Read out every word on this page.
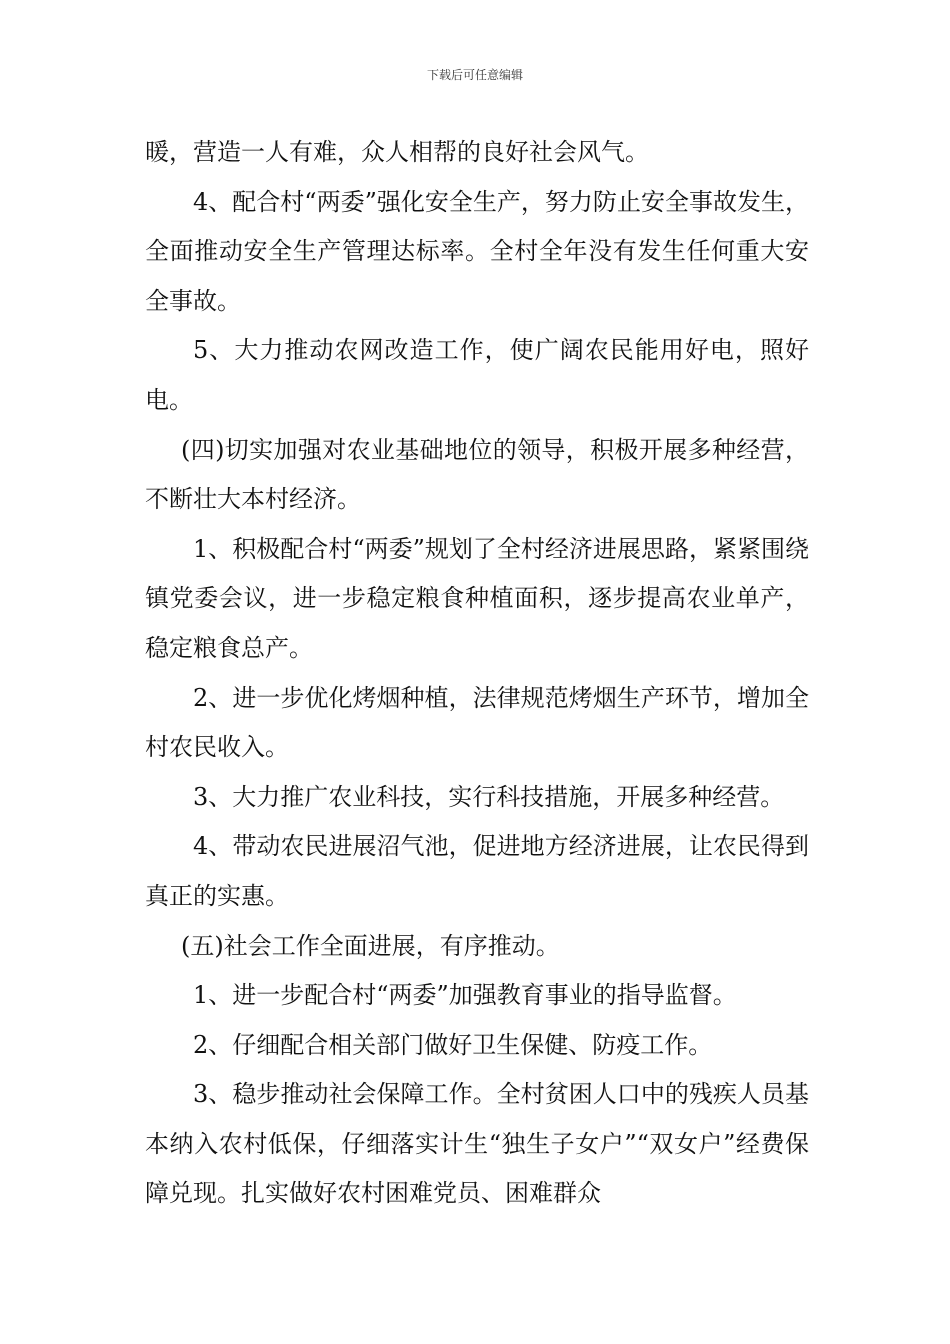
下载后可任意编辑

暖，营造一人有难，众人相帮的良好社会风气。

4、配合村“两委”强化安全生产，努力防止安全事故发生，全面推动安全生产管理达标率。全村全年没有发生任何重大安全事故。

5、大力推动农网改造工作，使广阔农民能用好电，照好电。

(四)切实加强对农业基础地位的领导，积极开展多种经营，不断壮大本村经济。

1、积极配合村“两委”规划了全村经济进展思路，紧紧围绕镇党委会议，进一步稳定粮食种植面积，逐步提高农业单产，稳定粮食总产。

2、进一步优化烤烟种植，法律规范烤烟生产环节，增加全村农民收入。

3、大力推广农业科技，实行科技措施，开展多种经营。

4、带动农民进展沼气池，促进地方经济进展，让农民得到真正的实惠。

(五)社会工作全面进展，有序推动。

1、进一步配合村“两委”加强教育事业的指导监督。

2、仔细配合相关部门做好卫生保健、防疫工作。

3、稳步推动社会保障工作。全村贫困人口中的残疾人员基本纳入农村低保，仔细落实计生“独生子女户”“双女户”经费保障兑现。扎实做好农村困难党员、困难群众
